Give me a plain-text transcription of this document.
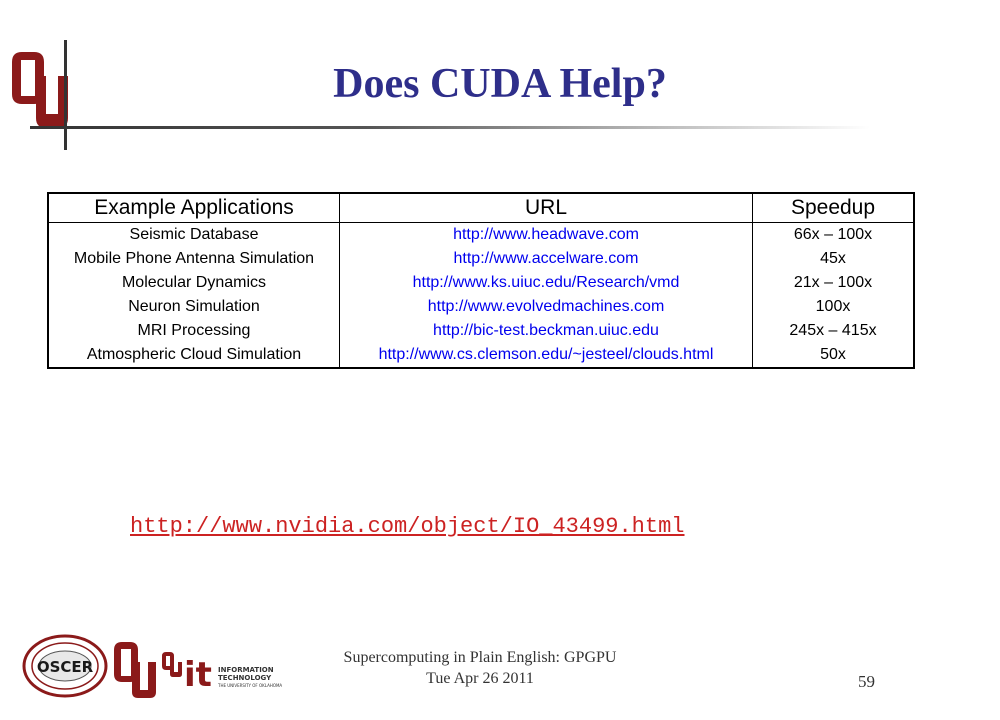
Does CUDA Help?
Example Applications	URL	Speedup
Seismic Database	http://www.headwave.com	66x – 100x
Mobile Phone Antenna Simulation	http://www.accelware.com	45x
Molecular Dynamics	http://www.ks.uiuc.edu/Research/vmd	21x – 100x
Neuron Simulation	http://www.evolvedmachines.com	100x
MRI Processing	http://bic-test.beckman.uiuc.edu	245x – 415x
Atmospheric Cloud Simulation	http://www.cs.clemson.edu/~jesteel/clouds.html	50x
http://www.nvidia.com/object/IO_43499.html
OSCER	it INFORMATION
TECHNOLOGY
THE UNIVERSITY OF OKLAHOMA
Supercomputing in Plain English: GPGPU
Tue Apr 26 2011	59
